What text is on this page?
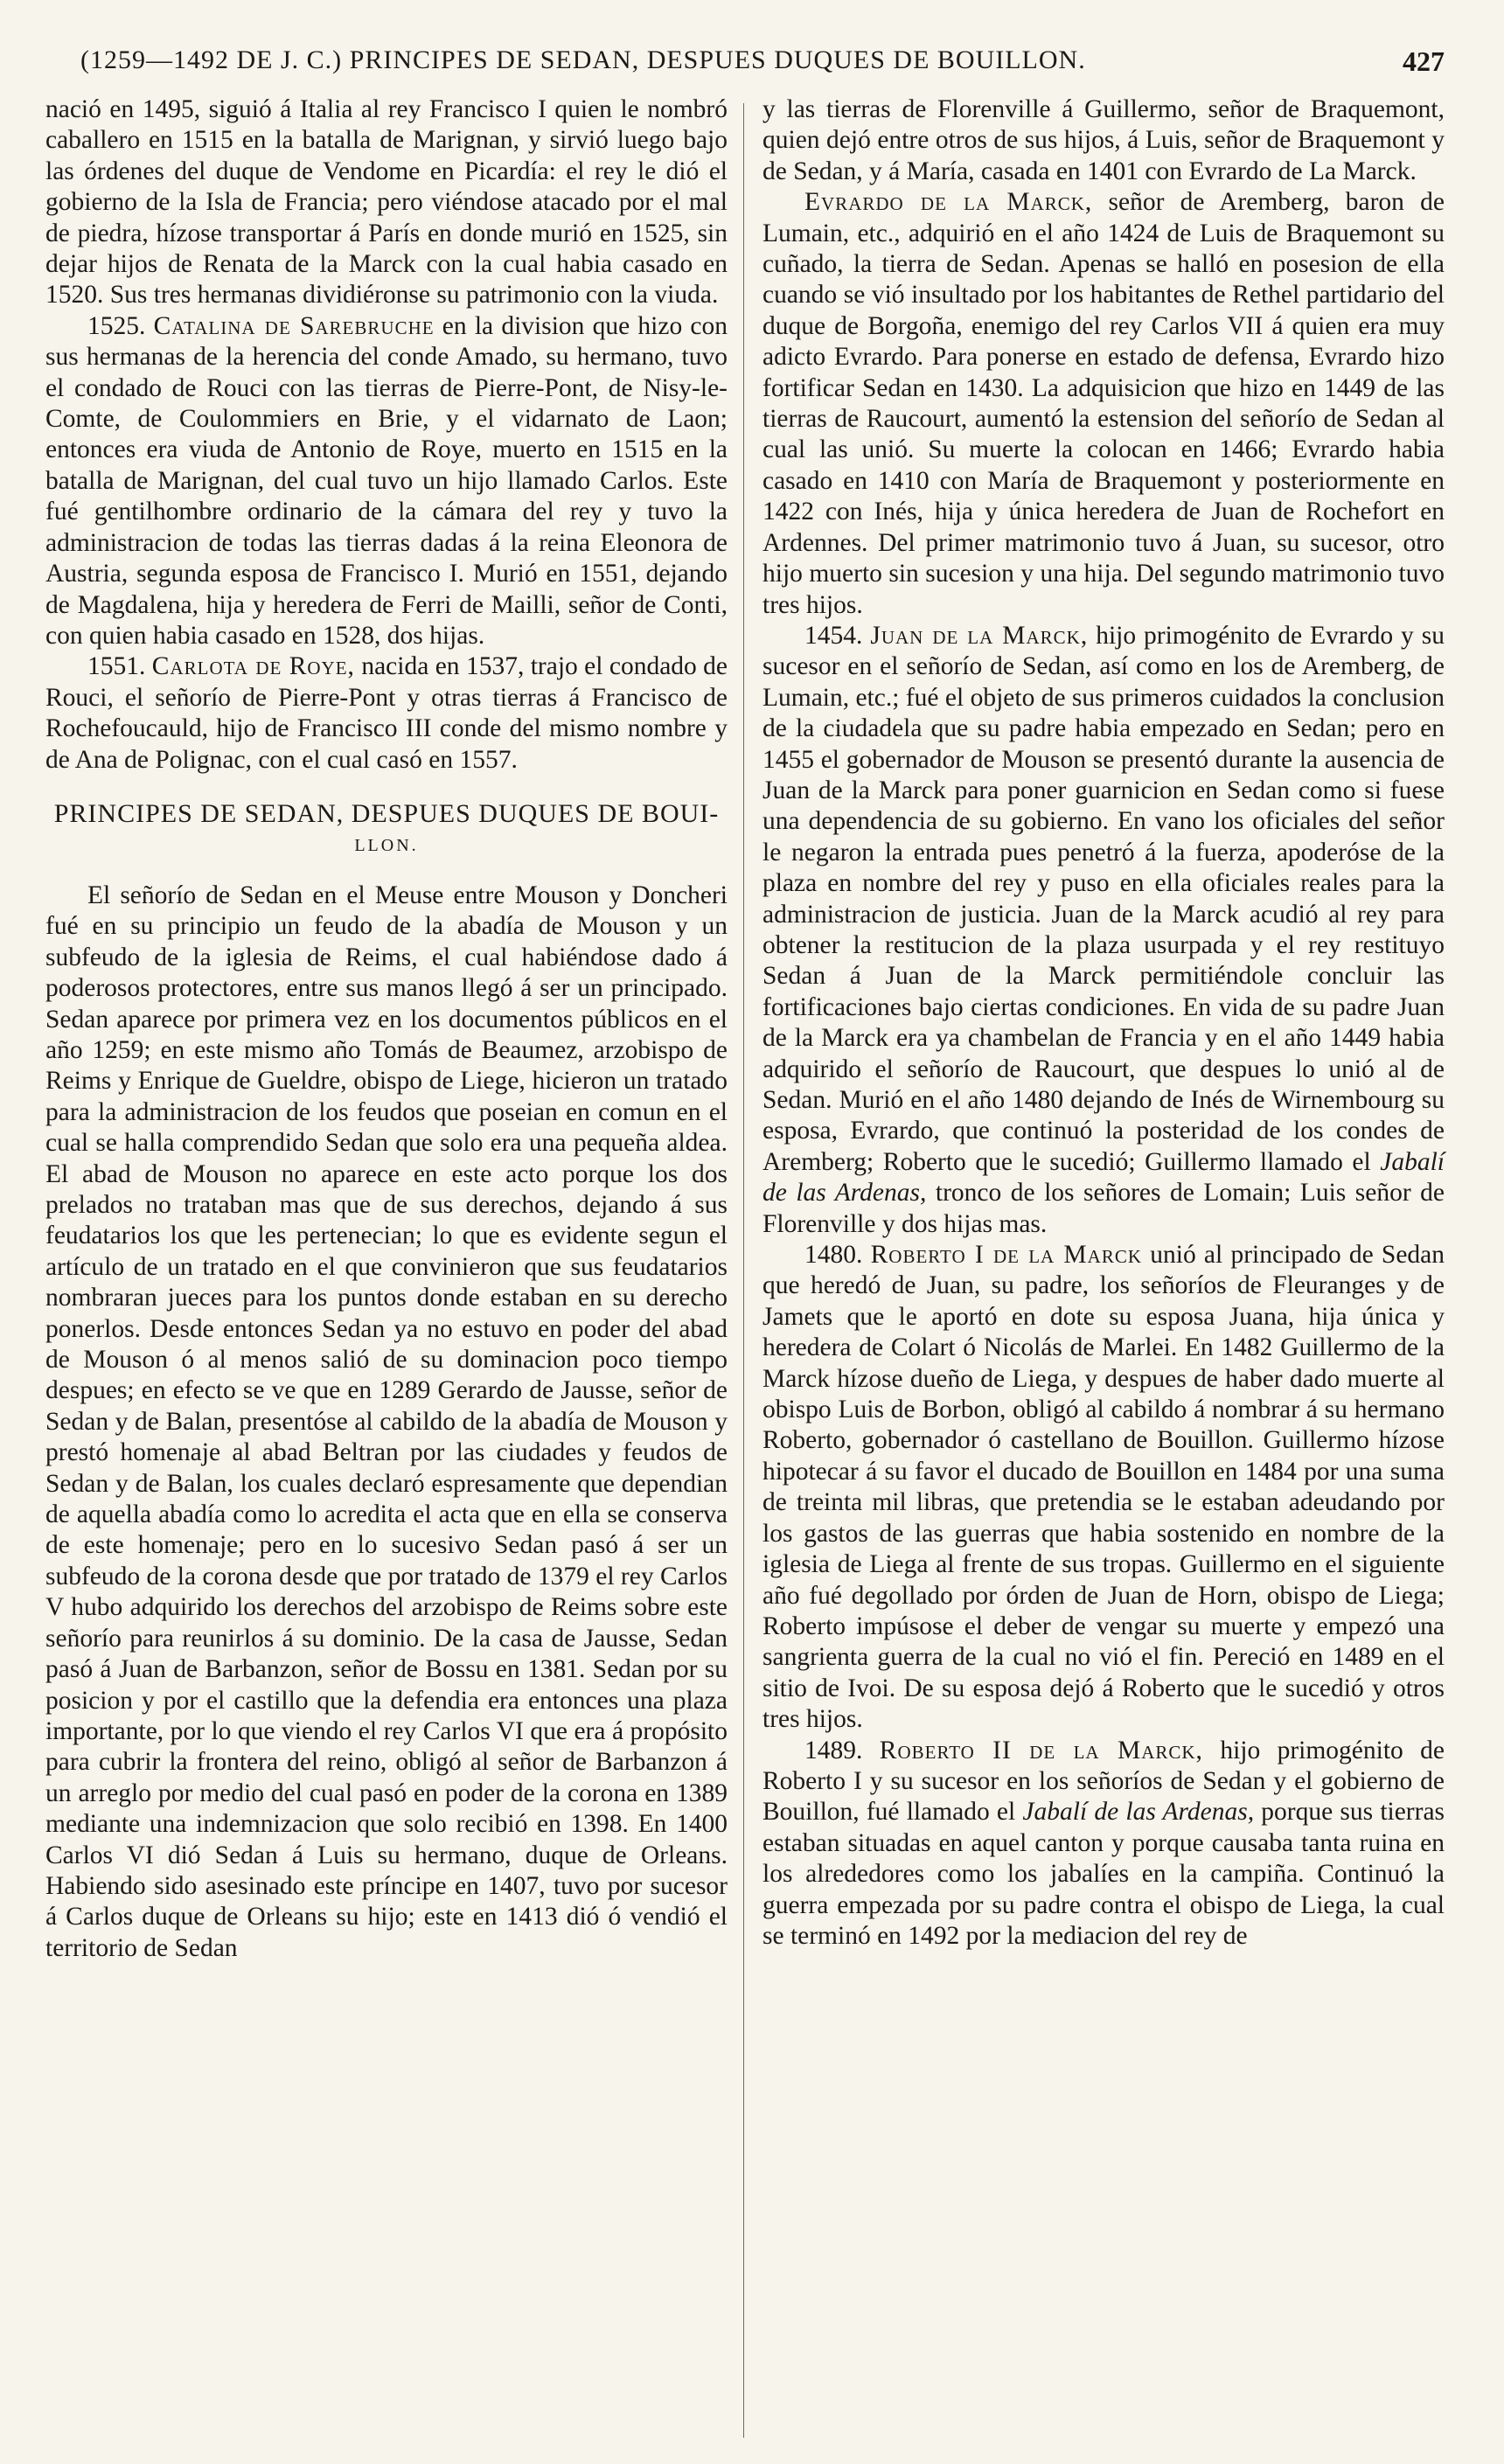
(1259—1492 DE J. C.) PRINCIPES DE SEDAN, DESPUES DUQUES DE BOUILLON.	427

nació en 1495, siguió á Italia al rey Francisco I quien le nombró caballero en 1515 en la batalla de Marignan, y sirvió luego bajo las órdenes del duque de Vendome en Picardía: el rey le dió el gobierno de la Isla de Francia; pero viéndose atacado por el mal de piedra, hízose transportar á París en donde murió en 1525, sin dejar hijos de Renata de la Marck con la cual habia casado en 1520. Sus tres hermanas dividiéronse su patrimonio con la viuda.

1525. Catalina de Sarebruche en la division que hizo con sus hermanas de la herencia del conde Amado, su hermano, tuvo el condado de Rouci con las tierras de Pierre-Pont, de Nisy-le-Comte, de Coulommiers en Brie, y el vidarnato de Laon; entonces era viuda de Antonio de Roye, muerto en 1515 en la batalla de Marignan, del cual tuvo un hijo llamado Carlos. Este fué gentilhombre ordinario de la cámara del rey y tuvo la administracion de todas las tierras dadas á la reina Eleonora de Austria, segunda esposa de Francisco I. Murió en 1551, dejando de Magdalena, hija y heredera de Ferri de Mailli, señor de Conti, con quien habia casado en 1528, dos hijas.

1551. Carlota de Roye, nacida en 1537, trajo el condado de Rouci, el señorío de Pierre-Pont y otras tierras á Francisco de Rochefoucauld, hijo de Francisco III conde del mismo nombre y de Ana de Polignac, con el cual casó en 1557.

PRINCIPES DE SEDAN, DESPUES DUQUES DE BOUI-
LLON.

El señorío de Sedan en el Meuse entre Mouson y Doncheri fué en su principio un feudo de la abadía de Mouson y un subfeudo de la iglesia de Reims, el cual habiéndose dado á poderosos protectores, entre sus manos llegó á ser un principado. Sedan aparece por primera vez en los documentos públicos en el año 1259; en este mismo año Tomás de Beaumez, arzobispo de Reims y Enrique de Gueldre, obispo de Liege, hicieron un tratado para la administracion de los feudos que poseian en comun en el cual se halla comprendido Sedan que solo era una pequeña aldea. El abad de Mouson no aparece en este acto porque los dos prelados no trataban mas que de sus derechos, dejando á sus feudatarios los que les pertenecian; lo que es evidente segun el artículo de un tratado en el que convinieron que sus feudatarios nombraran jueces para los puntos donde estaban en su derecho ponerlos. Desde entonces Sedan ya no estuvo en poder del abad de Mouson ó al menos salió de su dominacion poco tiempo despues; en efecto se ve que en 1289 Gerardo de Jausse, señor de Sedan y de Balan, presentóse al cabildo de la abadía de Mouson y prestó homenaje al abad Beltran por las ciudades y feudos de Sedan y de Balan, los cuales declaró espresamente que dependian de aquella abadía como lo acredita el acta que en ella se conserva de este homenaje; pero en lo sucesivo Sedan pasó á ser un subfeudo de la corona desde que por tratado de 1379 el rey Carlos V hubo adquirido los derechos del arzobispo de Reims sobre este señorío para reunirlos á su dominio. De la casa de Jausse, Sedan pasó á Juan de Barbanzon, señor de Bossu en 1381. Sedan por su posicion y por el castillo que la defendia era entonces una plaza importante, por lo que viendo el rey Carlos VI que era á propósito para cubrir la frontera del reino, obligó al señor de Barbanzon á un arreglo por medio del cual pasó en poder de la corona en 1389 mediante una indemnizacion que solo recibió en 1398. En 1400 Carlos VI dió Sedan á Luis su hermano, duque de Orleans. Habiendo sido asesinado este príncipe en 1407, tuvo por sucesor á Carlos duque de Orleans su hijo; este en 1413 dió ó vendió el territorio de Sedan

y las tierras de Florenville á Guillermo, señor de Braquemont, quien dejó entre otros de sus hijos, á Luis, señor de Braquemont y de Sedan, y á María, casada en 1401 con Evrardo de La Marck.

Evrardo de la Marck, señor de Aremberg, baron de Lumain, etc., adquirió en el año 1424 de Luis de Braquemont su cuñado, la tierra de Sedan. Apenas se halló en posesion de ella cuando se vió insultado por los habitantes de Rethel partidario del duque de Borgoña, enemigo del rey Carlos VII á quien era muy adicto Evrardo. Para ponerse en estado de defensa, Evrardo hizo fortificar Sedan en 1430. La adquisicion que hizo en 1449 de las tierras de Raucourt, aumentó la estension del señorío de Sedan al cual las unió. Su muerte la colocan en 1466; Evrardo habia casado en 1410 con María de Braquemont y posteriormente en 1422 con Inés, hija y única heredera de Juan de Rochefort en Ardennes. Del primer matrimonio tuvo á Juan, su sucesor, otro hijo muerto sin sucesion y una hija. Del segundo matrimonio tuvo tres hijos.

1454. Juan de la Marck, hijo primogénito de Evrardo y su sucesor en el señorío de Sedan, así como en los de Aremberg, de Lumain, etc.; fué el objeto de sus primeros cuidados la conclusion de la ciudadela que su padre habia empezado en Sedan; pero en 1455 el gobernador de Mouson se presentó durante la ausencia de Juan de la Marck para poner guarnicion en Sedan como si fuese una dependencia de su gobierno. En vano los oficiales del señor le negaron la entrada pues penetró á la fuerza, apoderóse de la plaza en nombre del rey y puso en ella oficiales reales para la administracion de justicia. Juan de la Marck acudió al rey para obtener la restitucion de la plaza usurpada y el rey restituyo Sedan á Juan de la Marck permitiéndole concluir las fortificaciones bajo ciertas condiciones. En vida de su padre Juan de la Marck era ya chambelan de Francia y en el año 1449 habia adquirido el señorío de Raucourt, que despues lo unió al de Sedan. Murió en el año 1480 dejando de Inés de Wirnembourg su esposa, Evrardo, que continuó la posteridad de los condes de Aremberg; Roberto que le sucedió; Guillermo llamado el Jabalí de las Ardenas, tronco de los señores de Lomain; Luis señor de Florenville y dos hijas mas.

1480. Roberto I de la Marck unió al principado de Sedan que heredó de Juan, su padre, los señoríos de Fleuranges y de Jamets que le aportó en dote su esposa Juana, hija única y heredera de Colart ó Nicolás de Marlei. En 1482 Guillermo de la Marck hízose dueño de Liega, y despues de haber dado muerte al obispo Luis de Borbon, obligó al cabildo á nombrar á su hermano Roberto, gobernador ó castellano de Bouillon. Guillermo hízose hipotecar á su favor el ducado de Bouillon en 1484 por una suma de treinta mil libras, que pretendia se le estaban adeudando por los gastos de las guerras que habia sostenido en nombre de la iglesia de Liega al frente de sus tropas. Guillermo en el siguiente año fué degollado por órden de Juan de Horn, obispo de Liega; Roberto impúsose el deber de vengar su muerte y empezó una sangrienta guerra de la cual no vió el fin. Pereció en 1489 en el sitio de Ivoi. De su esposa dejó á Roberto que le sucedió y otros tres hijos.

1489. Roberto II de la Marck, hijo primogénito de Roberto I y su sucesor en los señoríos de Sedan y el gobierno de Bouillon, fué llamado el Jabalí de las Ardenas, porque sus tierras estaban situadas en aquel canton y porque causaba tanta ruina en los alrededores como los jabalíes en la campiña. Continuó la guerra empezada por su padre contra el obispo de Liega, la cual se terminó en 1492 por la mediacion del rey de
